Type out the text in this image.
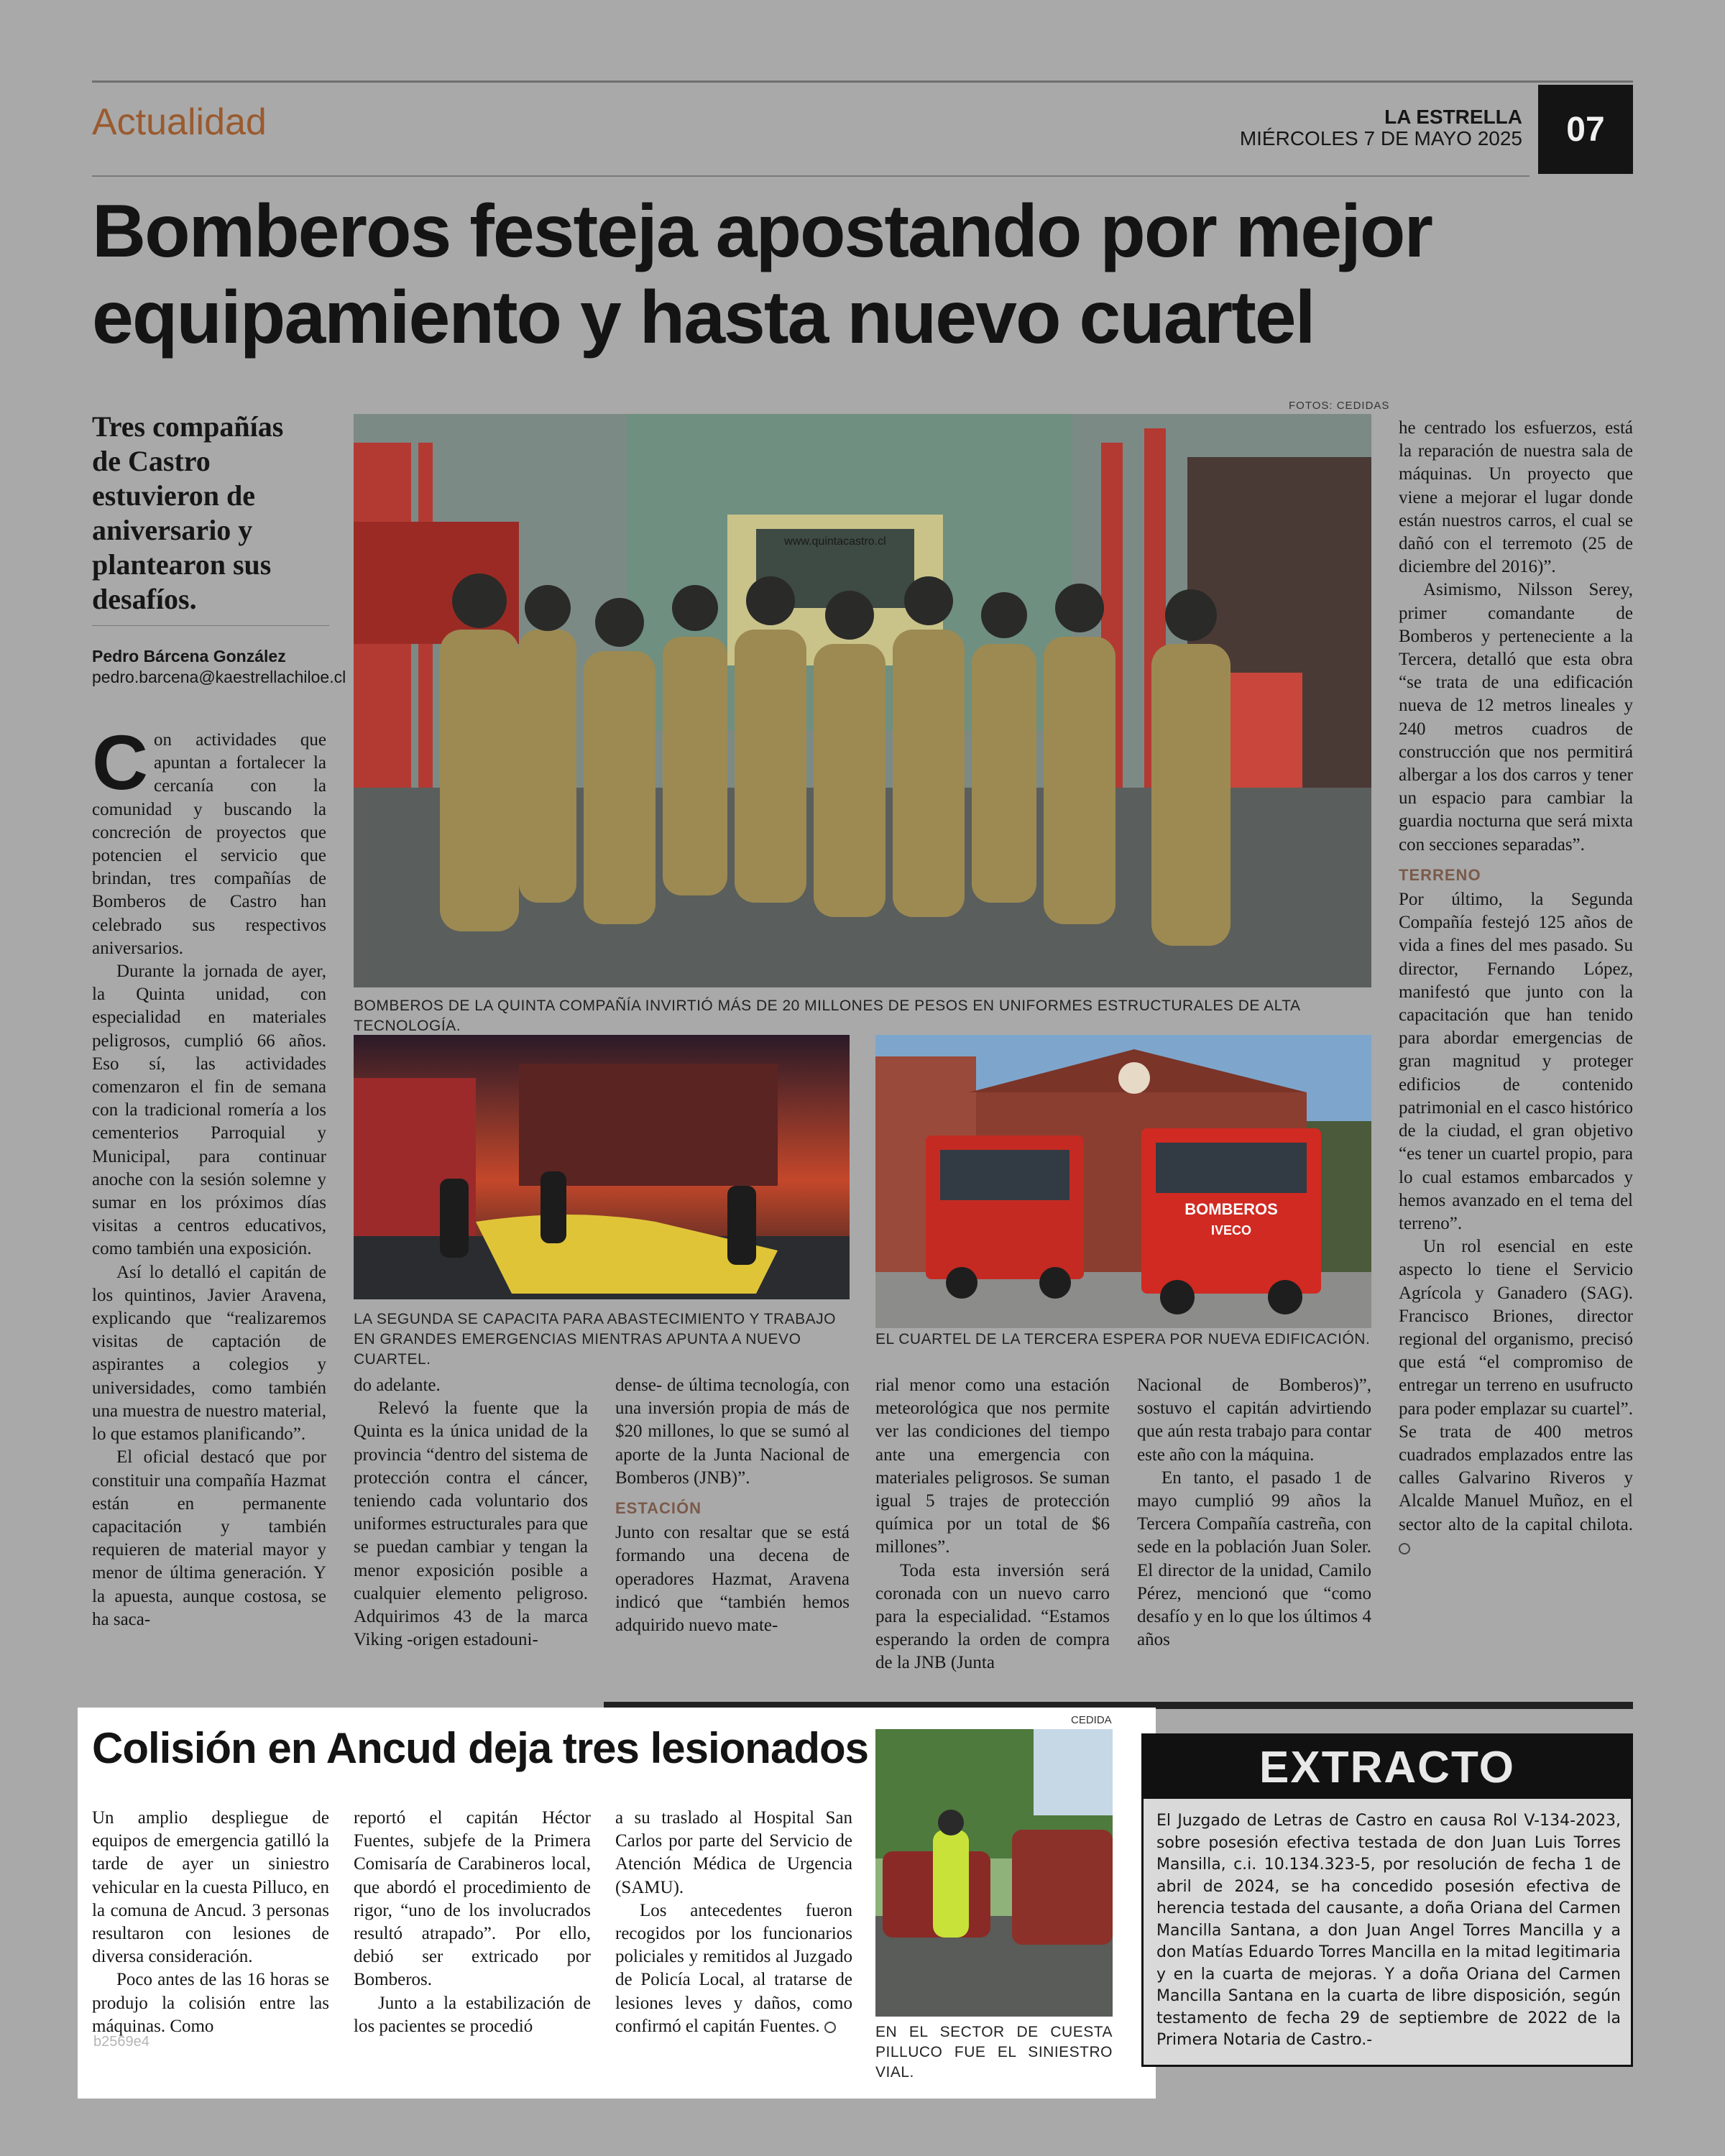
Actualidad	LA ESTRELLA
MIÉRCOLES 7 DE MAYO 2025	07
Bomberos festeja apostando por mejor
equipamiento y hasta nuevo cuartel
Tres compañías de Castro estuvieron de aniversario y plantearon sus desafíos.
Pedro Bárcena González
pedro.barcena@kaestrellachiloe.cl
FOTOS: CEDIDAS
www.quintacastro.cl
BOMBEROS DE LA QUINTA COMPAÑÍA INVIRTIÓ MÁS DE 20 MILLONES DE PESOS EN UNIFORMES ESTRUCTURALES DE ALTA TECNOLOGÍA.
LA SEGUNDA SE CAPACITA PARA ABASTECIMIENTO Y TRABAJO EN GRANDES EMERGENCIAS MIENTRAS APUNTA A NUEVO CUARTEL.
BOMBEROS
IVECO
EL CUARTEL DE LA TERCERA ESPERA POR NUEVA EDIFICACIÓN.

Con actividades que apuntan a fortalecer la cercanía con la comunidad y buscando la concreción de proyectos que potencien el servicio que brindan, tres compañías de Bomberos de Castro han celebrado sus respectivos aniversarios.

Durante la jornada de ayer, la Quinta unidad, con especialidad en materiales peligrosos, cumplió 66 años. Eso sí, las actividades comenzaron el fin de semana con la tradicional romería a los cementerios Parroquial y Municipal, para continuar anoche con la sesión solemne y sumar en los próximos días visitas a centros educativos, como también una exposición.

Así lo detalló el capitán de los quintinos, Javier Aravena, explicando que “realizaremos visitas de captación de aspirantes a colegios y universidades, como también una muestra de nuestro material, lo que estamos planificando”.

El oficial destacó que por constituir una compañía Hazmat están en permanente capacitación y también requieren de material mayor y menor de última generación. Y la apuesta, aunque costosa, se ha saca-

do adelante.

Relevó la fuente que la Quinta es la única unidad de la provincia “dentro del sistema de protección contra el cáncer, teniendo cada voluntario dos uniformes estructurales para que se puedan cambiar y tengan la menor exposición posible a cualquier elemento peligroso. Adquirimos 43 de la marca Viking -origen estadouni-

dense- de última tecnología, con una inversión propia de más de $20 millones, lo que se sumó al aporte de la Junta Nacional de Bomberos (JNB)”.

ESTACIÓN

Junto con resaltar que se está formando una decena de operadores Hazmat, Aravena indicó que “también hemos adquirido nuevo mate-

rial menor como una estación meteorológica que nos permite ver las condiciones del tiempo ante una emergencia con materiales peligrosos. Se suman igual 5 trajes de protección química por un total de $6 millones”.

Toda esta inversión será coronada con un nuevo carro para la especialidad. “Estamos esperando la orden de compra de la JNB (Junta

Nacional de Bomberos)”, sostuvo el capitán advirtiendo que aún resta trabajo para contar este año con la máquina.

En tanto, el pasado 1 de mayo cumplió 99 años la Tercera Compañía castreña, con sede en la población Juan Soler. El director de la unidad, Camilo Pérez, mencionó que “como desafío y en lo que los últimos 4 años

he centrado los esfuerzos, está la reparación de nuestra sala de máquinas. Un proyecto que viene a mejorar el lugar donde están nuestros carros, el cual se dañó con el terremoto (25 de diciembre del 2016)”.

Asimismo, Nilsson Serey, primer comandante de Bomberos y perteneciente a la Tercera, detalló que esta obra “se trata de una edificación nueva de 12 metros lineales y 240 metros cuadros de construcción que nos permitirá albergar a los dos carros y tener un espacio para cambiar la guardia nocturna que será mixta con secciones separadas”.

TERRENO

Por último, la Segunda Compañía festejó 125 años de vida a fines del mes pasado. Su director, Fernando López, manifestó que junto con la capacitación que han tenido para abordar emergencias de gran magnitud y proteger edificios de contenido patrimonial en el casco histórico de la ciudad, el gran objetivo “es tener un cuartel propio, para lo cual estamos embarcados y hemos avanzado en el tema del terreno”.

Un rol esencial en este aspecto lo tiene el Servicio Agrícola y Ganadero (SAG). Francisco Briones, director regional del organismo, precisó que está “el compromiso de entregar un terreno en usufructo para poder emplazar su cuartel”. Se trata de 400 metros cuadrados emplazados entre las calles Galvarino Riveros y Alcalde Manuel Muñoz, en el sector alto de la capital chilota.

Colisión en Ancud deja tres lesionados
CEDIDA

Un amplio despliegue de equipos de emergencia gatilló la tarde de ayer un siniestro vehicular en la cuesta Pilluco, en la comuna de Ancud. 3 personas resultaron con lesiones de diversa consideración.

Poco antes de las 16 horas se produjo la colisión entre las máquinas. Como

reportó el capitán Héctor Fuentes, subjefe de la Primera Comisaría de Carabineros local, que abordó el procedimiento de rigor, “uno de los involucrados resultó atrapado”. Por ello, debió ser extricado por Bomberos.

Junto a la estabilización de los pacientes se procedió

a su traslado al Hospital San Carlos por parte del Servicio de Atención Médica de Urgencia (SAMU).

Los antecedentes fueron recogidos por los funcionarios policiales y remitidos al Juzgado de Policía Local, al tratarse de lesiones leves y daños, como confirmó el capitán Fuentes.	EN EL SECTOR DE CUESTA PILLUCO FUE EL SINIESTRO VIAL.
b2569e4
EXTRACTO
El Juzgado de Letras de Castro en causa Rol V-134-2023, sobre posesión efectiva testada de don Juan Luis Torres Mansilla, c.i. 10.134.323-5, por resolución de fecha 1 de abril de 2024, se ha concedido posesión efectiva de herencia testada del causante, a doña Oriana del Carmen Mancilla Santana, a don Juan Angel Torres Mancilla y a don Matías Eduardo Torres Mancilla en la mitad legitimaria y en la cuarta de mejoras. Y a doña Oriana del Carmen Mancilla Santana en la cuarta de libre disposición, según testamento de fecha 29 de septiembre de 2022 de la Primera Notaria de Castro.-
